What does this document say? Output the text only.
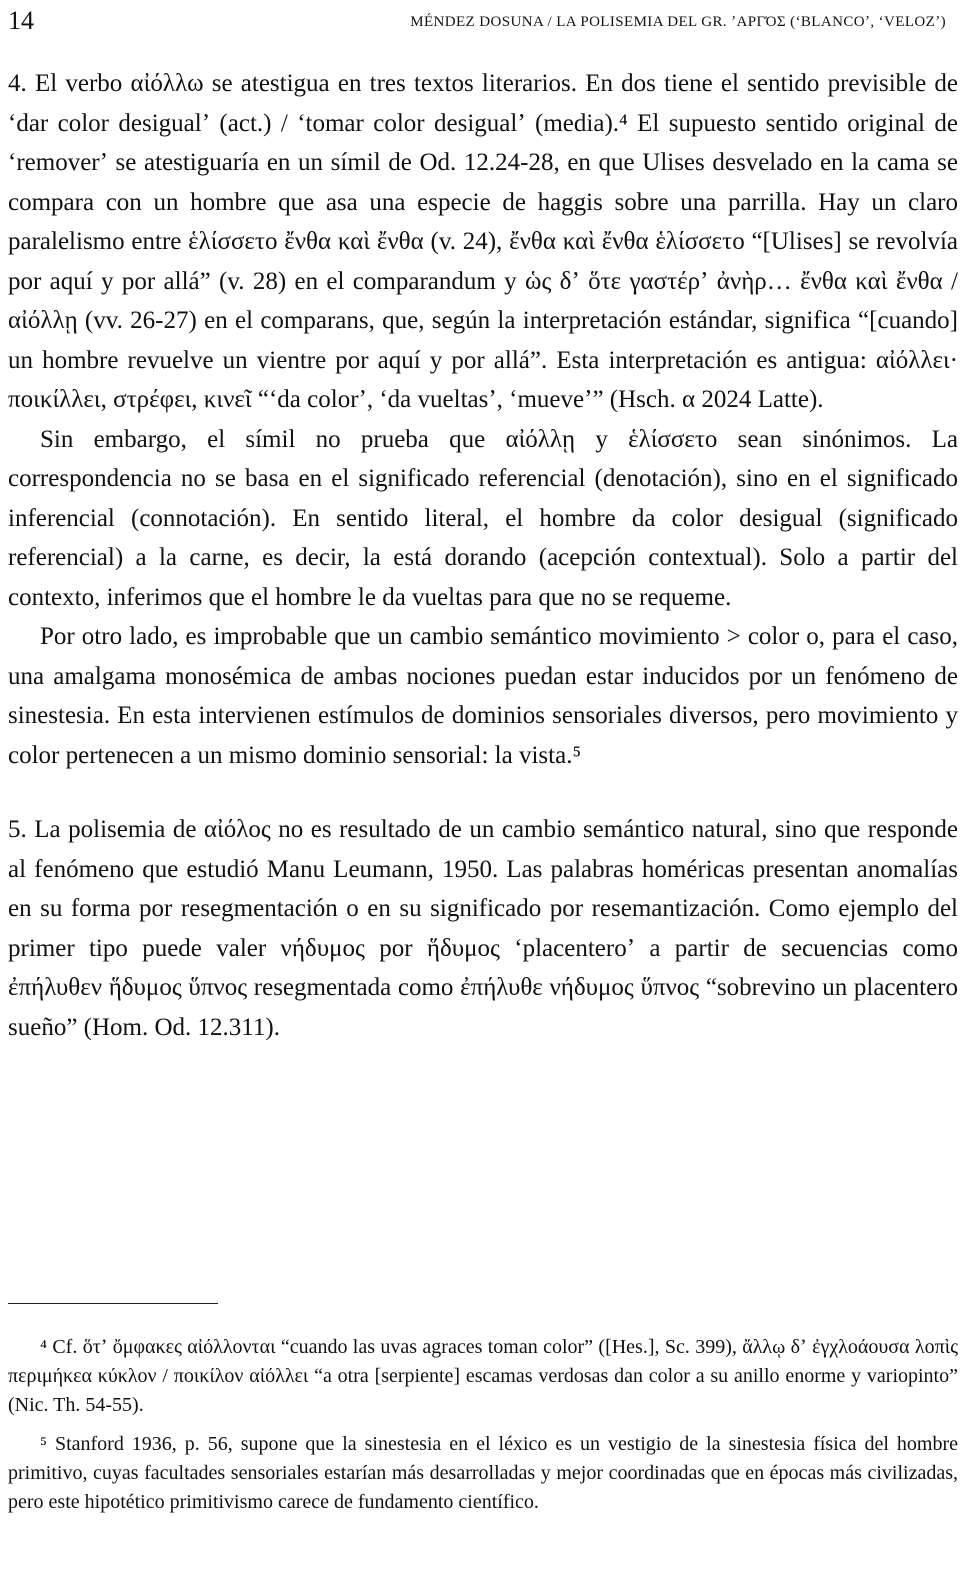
14	MÉNDEZ DOSUNA / LA POLISEMIA DEL GR. ʼΑΡΓΌΣ (ʻBLANCOʼ, ʻVELOZʼ)

4. El verbo αἰόλλω se atestigua en tres textos literarios. En dos tiene el sentido previsible de ʻdar color desigualʼ (act.) / ʻtomar color desigualʼ (media).⁴ El supuesto sentido original de ʻremoverʼ se atestiguaría en un símil de Od. 12.24-28, en que Ulises desvelado en la cama se compara con un hombre que asa una especie de haggis sobre una parrilla. Hay un claro paralelismo entre ἑλίσσετο ἔνθα καὶ ἔνθα (v. 24), ἔνθα καὶ ἔνθα ἑλίσσετο “[Ulises] se revolvía por aquí y por allá” (v. 28) en el comparandum y ὡς δʼ ὅτε γαστέρʼ ἀνὴρ… ἔνθα καὶ ἔνθα / αἰόλλῃ (vv. 26-27) en el comparans, que, según la interpretación estándar, significa “[cuando] un hombre revuelve un vientre por aquí y por allá”. Esta interpretación es antigua: αἰόλλει· ποικίλλει, στρέφει, κινεῖ “ʻda colorʼ, ʻda vueltasʼ, ʻmueveʼ” (Hsch. α 2024 Latte).

Sin embargo, el símil no prueba que αἰόλλῃ y ἑλίσσετο sean sinónimos. La correspondencia no se basa en el significado referencial (denotación), sino en el significado inferencial (connotación). En sentido literal, el hombre da color desigual (significado referencial) a la carne, es decir, la está dorando (acepción contextual). Solo a partir del contexto, inferimos que el hombre le da vueltas para que no se requeme.

Por otro lado, es improbable que un cambio semántico movimiento > color o, para el caso, una amalgama monosémica de ambas nociones puedan estar inducidos por un fenómeno de sinestesia. En esta intervienen estímulos de dominios sensoriales diversos, pero movimiento y color pertenecen a un mismo dominio sensorial: la vista.⁵

5. La polisemia de αἰόλος no es resultado de un cambio semántico natural, sino que responde al fenómeno que estudió Manu Leumann, 1950. Las palabras homéricas presentan anomalías en su forma por resegmentación o en su significado por resemantización. Como ejemplo del primer tipo puede valer νήδυμος por ἥδυμος ʻplacenteroʼ a partir de secuencias como ἐπήλυθεν ἥδυμος ὕπνος resegmentada como ἐπήλυθε νήδυμος ὕπνος “sobrevino un placentero sueño” (Hom. Od. 12.311).

⁴ Cf. ὅτʼ ὄμφακες αἰόλλονται “cuando las uvas agraces toman color” ([Hes.], Sc. 399), ἄλλῳ δʼ ἐγχλοάουσα λοπὶς περιμήκεα κύκλον / ποικίλον αἰόλλει “a otra [serpiente] escamas verdosas dan color a su anillo enorme y variopinto” (Nic. Th. 54-55).

⁵ Stanford 1936, p. 56, supone que la sinestesia en el léxico es un vestigio de la sinestesia física del hombre primitivo, cuyas facultades sensoriales estarían más desarrolladas y mejor coordinadas que en épocas más civilizadas, pero este hipotético primitivismo carece de fundamento científico.
